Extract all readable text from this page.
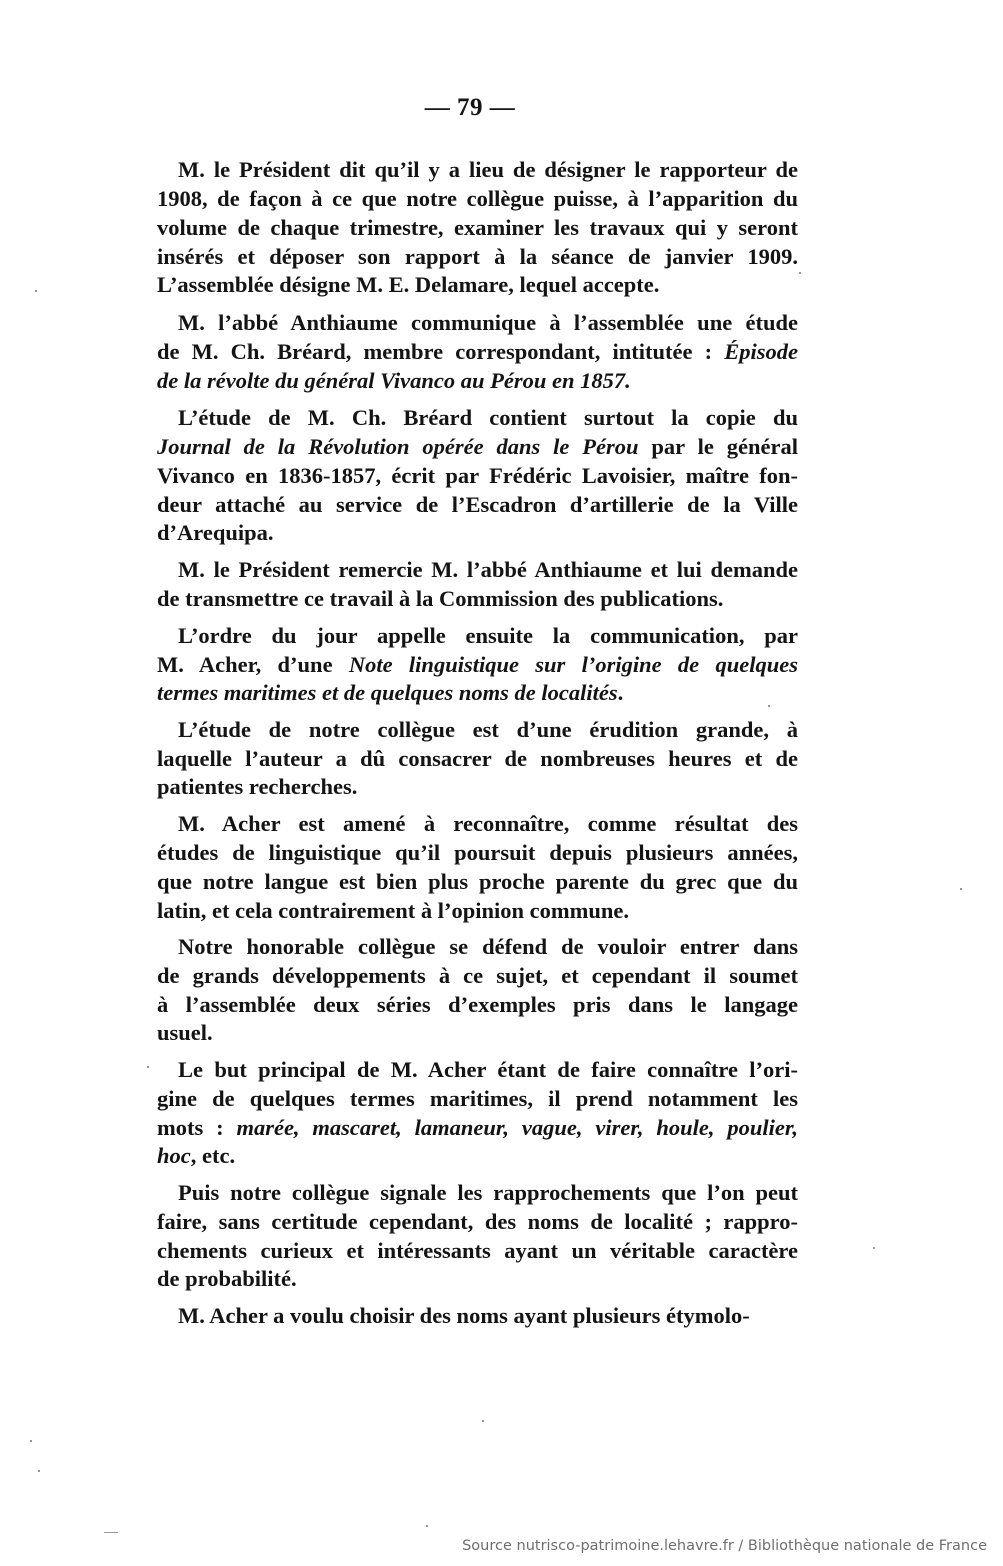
— 79 —
M. le Président dit qu’il y a lieu de désigner le rapporteur de
1908, de façon à ce que notre collègue puisse, à l’apparition du
volume de chaque trimestre, examiner les travaux qui y seront
insérés et déposer son rapport à la séance de janvier 1909.
L’assemblée désigne M. E. Delamare, lequel accepte.
M. l’abbé Anthiaume communique à l’assemblée une étude
de M. Ch. Bréard, membre correspondant, intitutée : Épisode
de la révolte du général Vivanco au Pérou en 1857.
L’étude de M. Ch. Bréard contient surtout la copie du
Journal de la Révolution opérée dans le Pérou par le général
Vivanco en 1836-1857, écrit par Frédéric Lavoisier, maître fon-
deur attaché au service de l’Escadron d’artillerie de la Ville
d’Arequipa.
M. le Président remercie M. l’abbé Anthiaume et lui demande
de transmettre ce travail à la Commission des publications.
L’ordre du jour appelle ensuite la communication, par
M. Acher, d’une Note linguistique sur l’origine de quelques
termes maritimes et de quelques noms de localités.
L’étude de notre collègue est d’une érudition grande, à
laquelle l’auteur a dû consacrer de nombreuses heures et de
patientes recherches.
M. Acher est amené à reconnaître, comme résultat des
études de linguistique qu’il poursuit depuis plusieurs années,
que notre langue est bien plus proche parente du grec que du
latin, et cela contrairement à l’opinion commune.
Notre honorable collègue se défend de vouloir entrer dans
de grands développements à ce sujet, et cependant il soumet
à l’assemblée deux séries d’exemples pris dans le langage
usuel.
Le but principal de M. Acher étant de faire connaître l’ori-
gine de quelques termes maritimes, il prend notamment les
mots : marée, mascaret, lamaneur, vague, virer, houle, poulier,
hoc, etc.
Puis notre collègue signale les rapprochements que l’on peut
faire, sans certitude cependant, des noms de localité ; rappro-
chements curieux et intéressants ayant un véritable caractère
de probabilité.
M. Acher a voulu choisir des noms ayant plusieurs étymolo-
Source nutrisco-patrimoine.lehavre.fr / Bibliothèque nationale de France
